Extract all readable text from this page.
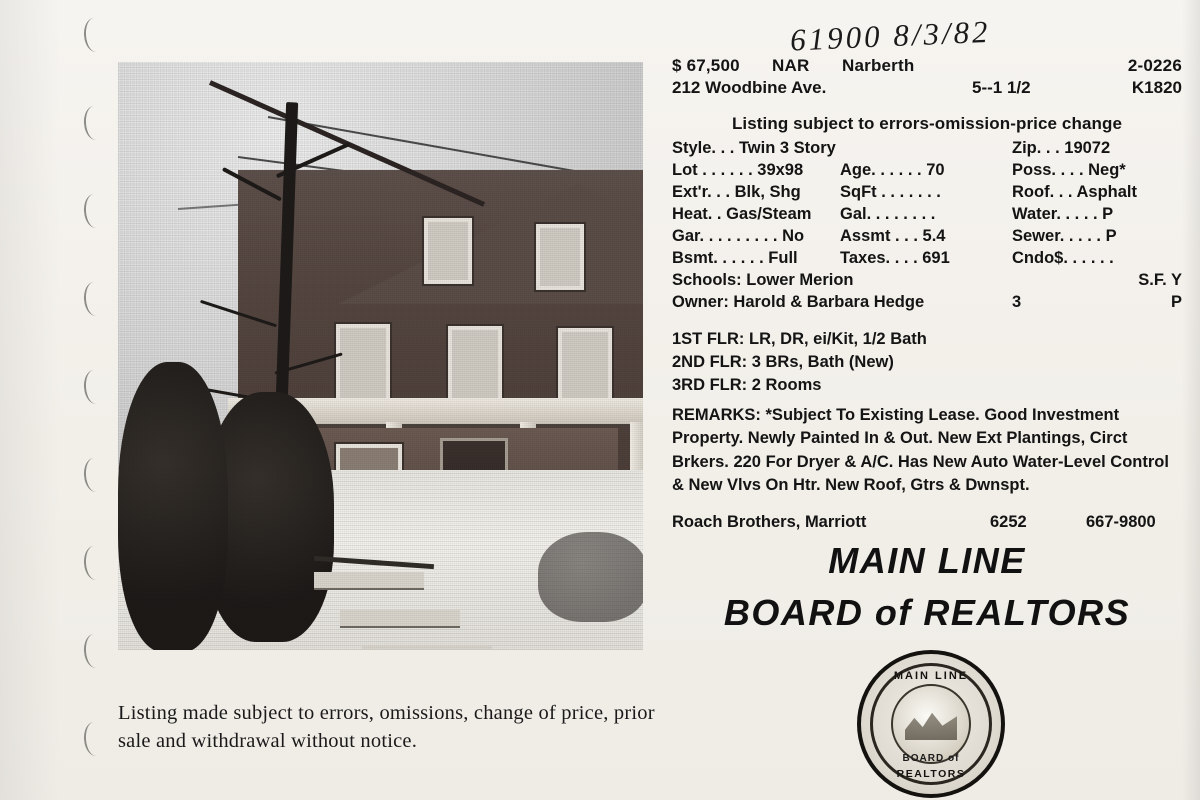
Listing made subject to errors, omissions, change of price, prior sale and withdrawal without notice.
61900 8/3/82
$ 67,500	NAR	Narberth	2-0226
212 Woodbine Ave.	5--1 1/2	K1820
Listing subject to errors-omission-price change
Style. . . Twin 3 Story	Zip. . . 19072
Lot . . . . . . 39x98	Age. . . . . . 70	Poss. . . . Neg*
Ext'r. . . Blk, Shg	SqFt . . . . . . .	Roof. . . Asphalt
Heat. . Gas/Steam	Gal. . . . . . . .	Water. . . . . P
Gar. . . . . . . . . No	Assmt . . . 5.4	Sewer. . . . . P
Bsmt. . . . . . Full	Taxes. . . . 691	Cndo$. . . . . .
Schools: Lower Merion	S.F. Y
Owner: Harold & Barbara Hedge	3	P
1ST FLR: LR, DR, ei/Kit, 1/2 Bath
2ND FLR: 3 BRs, Bath (New)
3RD FLR: 2 Rooms
REMARKS: *Subject To Existing Lease. Good Investment Property. Newly Painted In & Out. New Ext Plantings, Circt Brkers. 220 For Dryer & A/C. Has New Auto Water-Level Control & New Vlvs On Htr. New Roof, Gtrs & Dwnspt.
Roach Brothers, Marriott	6252	667-9800
MAIN LINE
BOARD of REALTORS
MAIN LINE
BOARD of
REALTORS
